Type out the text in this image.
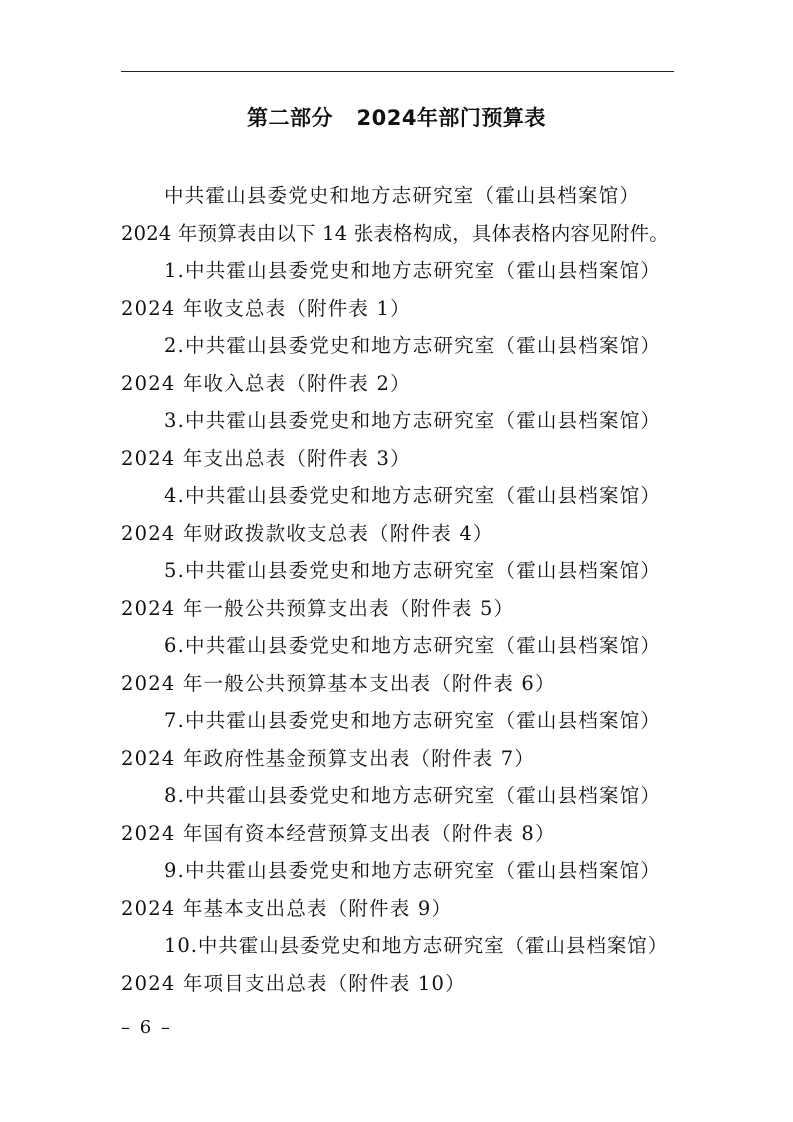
第二部分   2024年部门预算表
中共霍山县委党史和地方志研究室（霍山县档案馆）
2024 年预算表由以下 14 张表格构成，具体表格内容见附件。
1.中共霍山县委党史和地方志研究室（霍山县档案馆）
2024 年收支总表（附件表 1）
2.中共霍山县委党史和地方志研究室（霍山县档案馆）
2024 年收入总表（附件表 2）
3.中共霍山县委党史和地方志研究室（霍山县档案馆）
2024 年支出总表（附件表 3）
4.中共霍山县委党史和地方志研究室（霍山县档案馆）
2024 年财政拨款收支总表（附件表 4）
5.中共霍山县委党史和地方志研究室（霍山县档案馆）
2024 年一般公共预算支出表（附件表 5）
6.中共霍山县委党史和地方志研究室（霍山县档案馆）
2024 年一般公共预算基本支出表（附件表 6）
7.中共霍山县委党史和地方志研究室（霍山县档案馆）
2024 年政府性基金预算支出表（附件表 7）
8.中共霍山县委党史和地方志研究室（霍山县档案馆）
2024 年国有资本经营预算支出表（附件表 8）
9.中共霍山县委党史和地方志研究室（霍山县档案馆）
2024 年基本支出总表（附件表 9）
10.中共霍山县委党史和地方志研究室（霍山县档案馆）
2024 年项目支出总表（附件表 10）
– 6 –
